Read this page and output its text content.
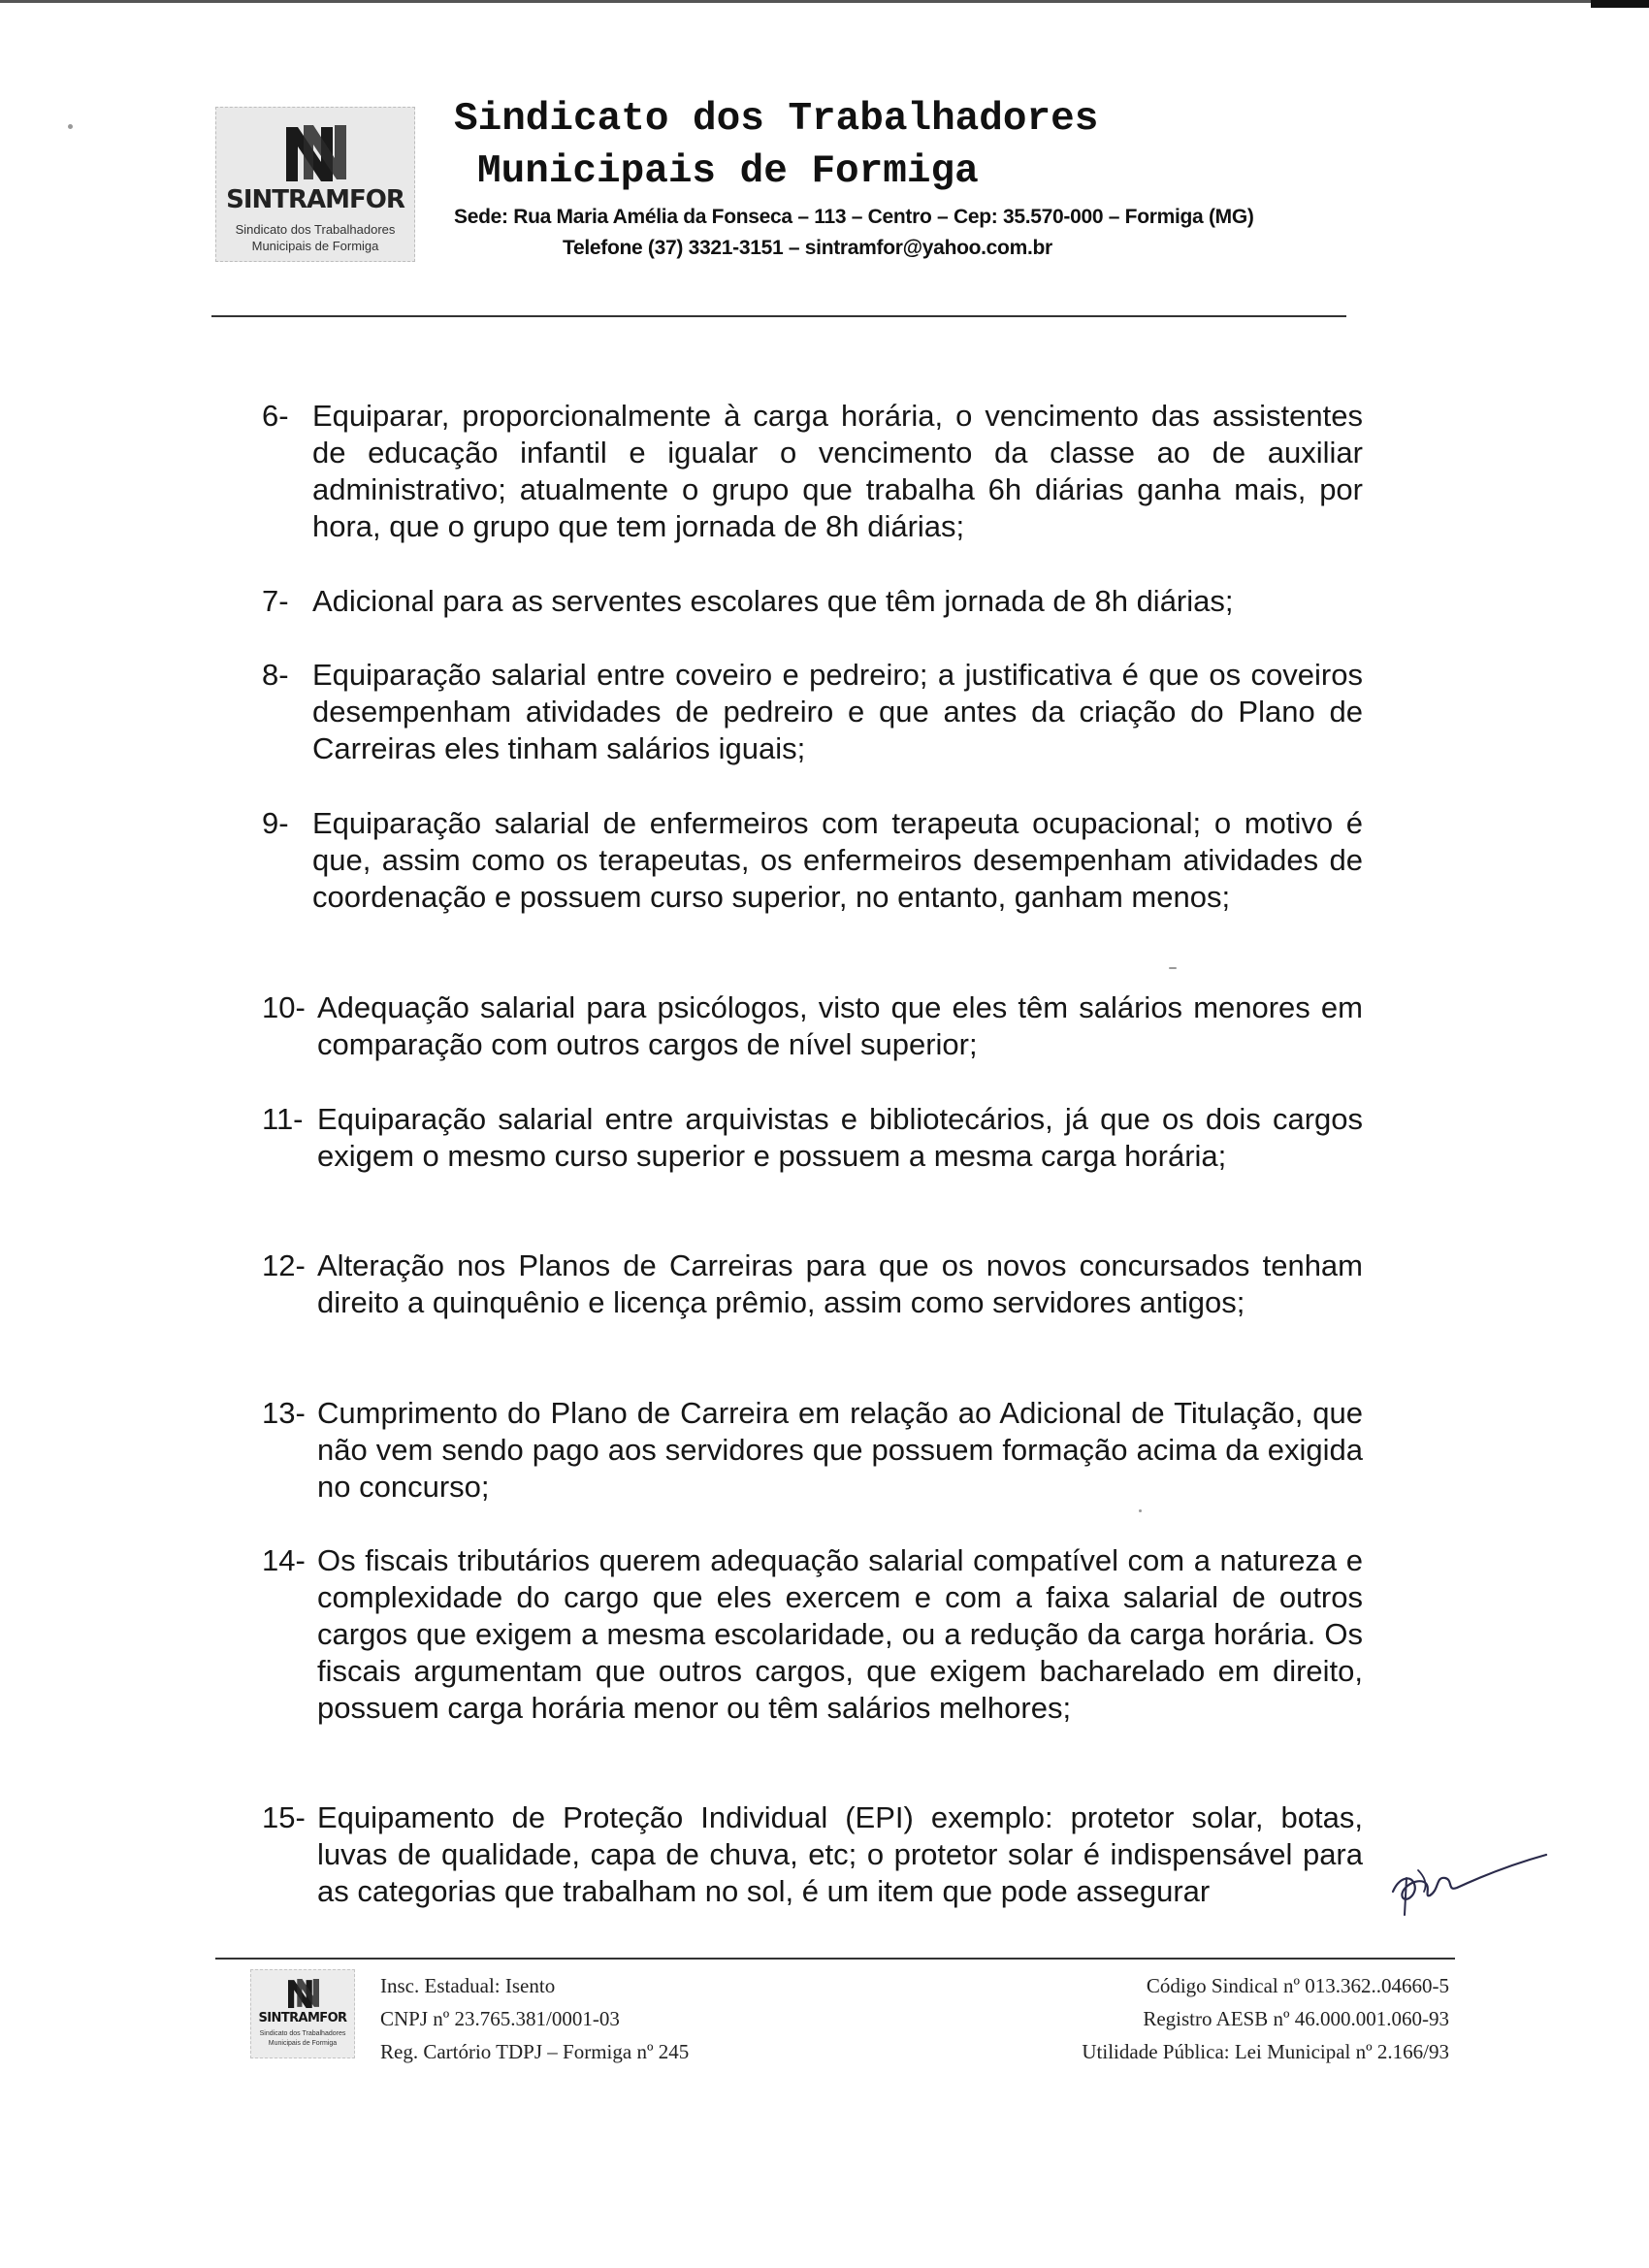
SINTRAMFOR
Sindicato dos Trabalhadores
Municipais de Formiga
Sindicato dos Trabalhadores
Municipais de Formiga
Sede: Rua Maria Amélia da Fonseca – 113 – Centro – Cep: 35.570-000 – Formiga (MG)
Telefone (37) 3321-3151 – sintramfor@yahoo.com.br
6- Equiparar, proporcionalmente à carga horária, o vencimento das assistentes de educação infantil e igualar o vencimento da classe ao de auxiliar administrativo; atualmente o grupo que trabalha 6h diárias ganha mais, por hora, que o grupo que tem jornada de 8h diárias;
7- Adicional para as serventes escolares que têm jornada de 8h diárias;
8- Equiparação salarial entre coveiro e pedreiro; a justificativa é que os coveiros desempenham atividades de pedreiro e que antes da criação do Plano de Carreiras eles tinham salários iguais;
9- Equiparação salarial de enfermeiros com terapeuta ocupacional; o motivo é que, assim como os terapeutas, os enfermeiros desempenham atividades de coordenação e possuem curso superior, no entanto, ganham menos;
10- Adequação salarial para psicólogos, visto que eles têm salários menores em comparação com outros cargos de nível superior;
11- Equiparação salarial entre arquivistas e bibliotecários, já que os dois cargos exigem o mesmo curso superior e possuem a mesma carga horária;
12- Alteração nos Planos de Carreiras para que os novos concursados tenham direito a quinquênio e licença prêmio, assim como servidores antigos;
13- Cumprimento do Plano de Carreira em relação ao Adicional de Titulação, que não vem sendo pago aos servidores que possuem formação acima da exigida no concurso;
14- Os fiscais tributários querem adequação salarial compatível com a natureza e complexidade do cargo que eles exercem e com a faixa salarial de outros cargos que exigem a mesma escolaridade, ou a redução da carga horária. Os fiscais argumentam que outros cargos, que exigem bacharelado em direito, possuem carga horária menor ou têm salários melhores;
15- Equipamento de Proteção Individual (EPI) exemplo: protetor solar, botas, luvas de qualidade, capa de chuva, etc; o protetor solar é indispensável para as categorias que trabalham no sol, é um item que pode assegurar
SINTRAMFOR
Sindicato dos Trabalhadores
Municipais de Formiga
Insc. Estadual: Isento
CNPJ nº 23.765.381/0001-03
Reg. Cartório TDPJ – Formiga nº 245
Código Sindical nº 013.362..04660-5
Registro AESB nº 46.000.001.060-93
Utilidade Pública: Lei Municipal nº 2.166/93
